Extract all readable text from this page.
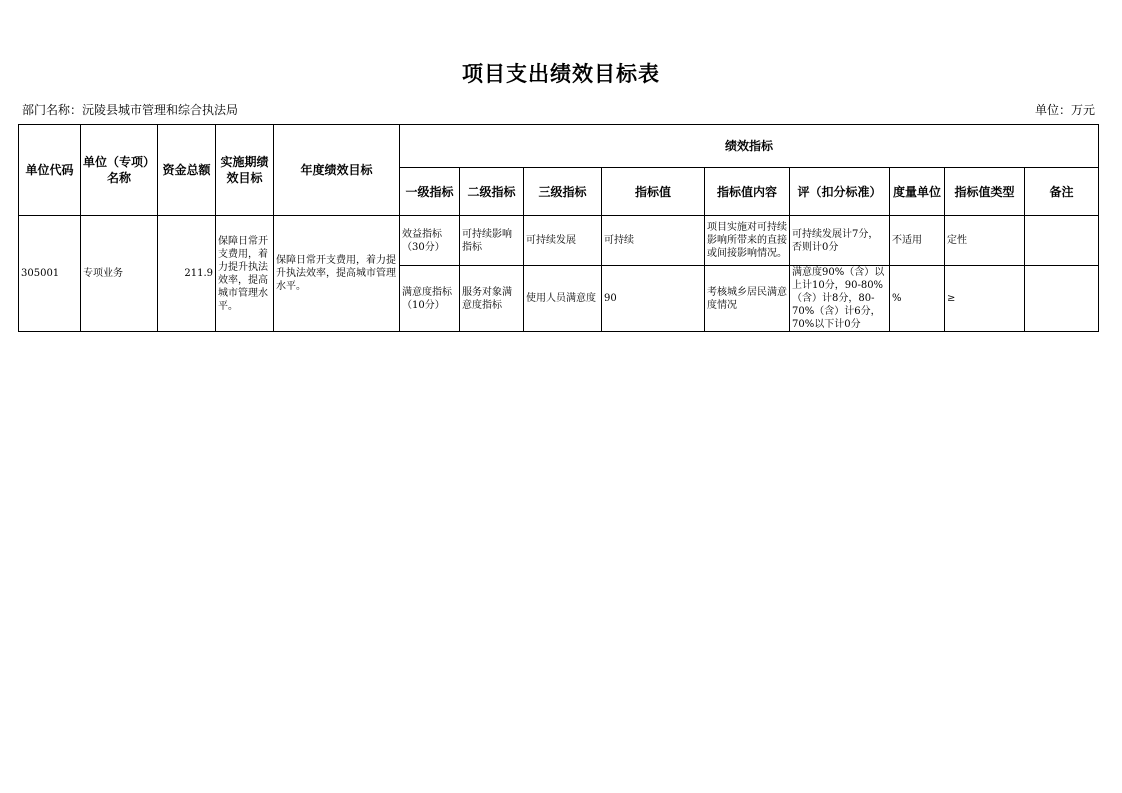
项目支出绩效目标表
部门名称：沅陵县城市管理和综合执法局	单位：万元
单位代码	单位（专项）名称	资金总额	实施期绩效目标	年度绩效目标	绩效指标								
					一级指标	二级指标	三级指标	指标值	指标值内容	评（扣分标准）	度量单位	指标值类型	备注
305001	专项业务	211.9	保障日常开支费用，着力提升执法效率，提高城市管理水平。	保障日常开支费用，着力提升执法效率，提高城市管理水平。	效益指标（30分）	可持续影响指标	可持续发展	可持续	项目实施对可持续影响所带来的直接或间接影响情况。	可持续发展计7分，否则计0分	不适用	定性	
					满意度指标（10分）	服务对象满意度指标	使用人员满意度	90	考核城乡居民满意度情况	满意度90%（含）以上计10分，90-80%（含）计8分，80-70%（含）计6分，70%以下计0分	%	≥	
